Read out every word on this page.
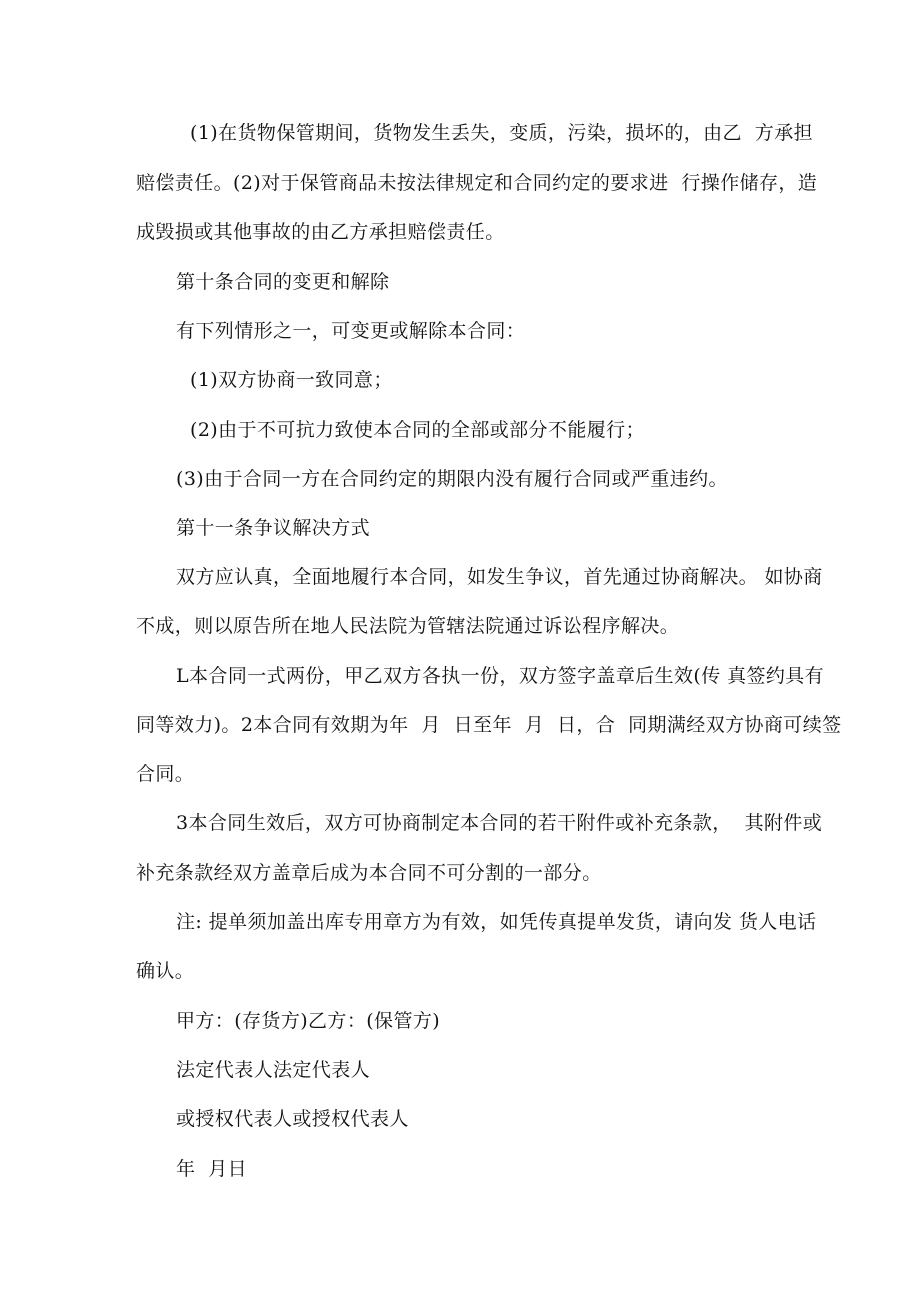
(1)在货物保管期间，货物发生丢失，变质，污染，损坏的，由乙  方承担
赔偿责任。(2)对于保管商品未按法律规定和合同约定的要求进  行操作储存，造
成毁损或其他事故的由乙方承担赔偿责任。
第十条合同的变更和解除
有下列情形之一，可变更或解除本合同：
(1)双方协商一致同意；
(2)由于不可抗力致使本合同的全部或部分不能履行；
(3)由于合同一方在合同约定的期限内没有履行合同或严重违约。
第十一条争议解决方式
双方应认真，全面地履行本合同，如发生争议，首先通过协商解决。 如协商
不成，则以原告所在地人民法院为管辖法院通过诉讼程序解决。
L本合同一式两份，甲乙双方各执一份，双方签字盖章后生效(传 真签约具有
同等效力)。2本合同有效期为年  月  日至年  月  日，合  同期满经双方协商可续签
合同。
3本合同生效后，双方可协商制定本合同的若干附件或补充条款，  其附件或
补充条款经双方盖章后成为本合同不可分割的一部分。
注: 提单须加盖出库专用章方为有效，如凭传真提单发货，请向发 货人电话
确认。
甲方：(存货方)乙方：(保管方)
法定代表人法定代表人
或授权代表人或授权代表人
年  月日
